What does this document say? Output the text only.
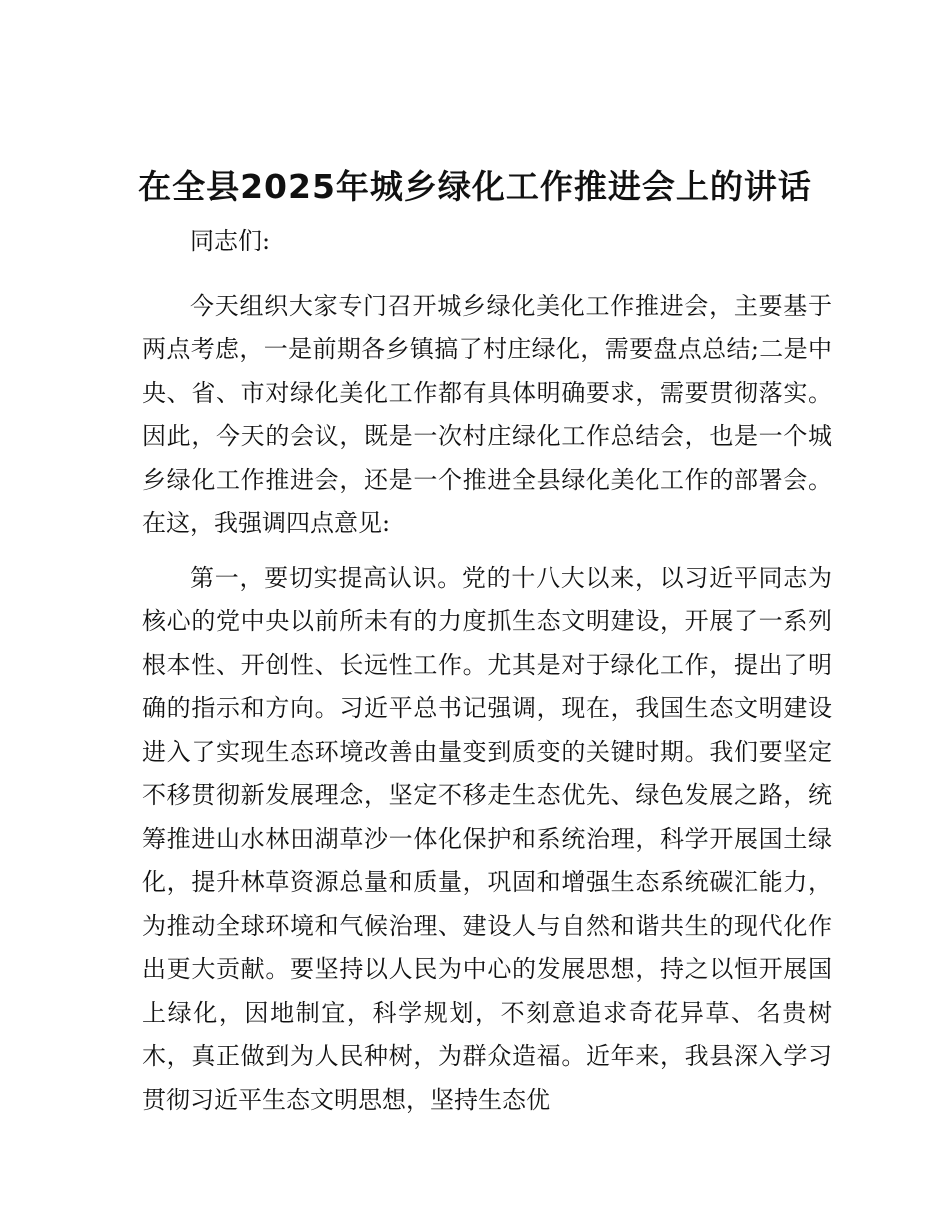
在全县2025年城乡绿化工作推进会上的讲话

同志们:

今天组织大家专门召开城乡绿化美化工作推进会，主要基于两点考虑，一是前期各乡镇搞了村庄绿化，需要盘点总结;二是中央、省、市对绿化美化工作都有具体明确要求，需要贯彻落实。因此，今天的会议，既是一次村庄绿化工作总结会，也是一个城乡绿化工作推进会，还是一个推进全县绿化美化工作的部署会。在这，我强调四点意见:

第一，要切实提高认识。党的十八大以来，以习近平同志为核心的党中央以前所未有的力度抓生态文明建设，开展了一系列根本性、开创性、长远性工作。尤其是对于绿化工作，提出了明确的指示和方向。习近平总书记强调，现在，我国生态文明建设进入了实现生态环境改善由量变到质变的关键时期。我们要坚定不移贯彻新发展理念，坚定不移走生态优先、绿色发展之路，统筹推进山水林田湖草沙一体化保护和系统治理，科学开展国土绿化，提升林草资源总量和质量，巩固和增强生态系统碳汇能力，为推动全球环境和气候治理、建设人与自然和谐共生的现代化作出更大贡献。要坚持以人民为中心的发展思想，持之以恒开展国上绿化，因地制宜，科学规划，不刻意追求奇花异草、名贵树木，真正做到为人民种树，为群众造福。近年来，我县深入学习贯彻习近平生态文明思想，坚持生态优
